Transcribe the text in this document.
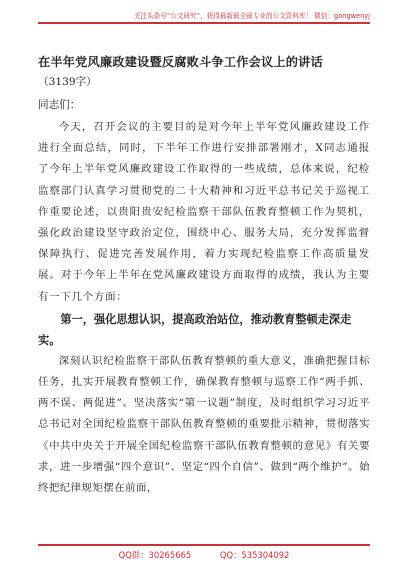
关注头条号“公文研究”，获得最新最全最专业的公文资料库！ 微信：gongwenyj
在半年党风廉政建设暨反腐败斗争工作会议上的讲话

（3139字）

同志们：

今天，召开会议的主要目的是对今年上半年党风廉政建设工作进行全面总结，同时，下半年工作进行安排部署刚才，X同志通报了今年上半年党风廉政建设工作取得的一些成绩，总体来说，纪检监察部门认真学习贯彻党的二十大精神和习近平总书记关于巡视工作重要论述，以贵阳贵安纪检监察干部队伍教育整顿工作为契机，强化政治建设坚守政治定位，围绕中心、服务大局，充分发挥监督保障执行、促进完善发展作用，着力实现纪检监察工作高质量发展。对于今年上半年在党风廉政建设方面取得的成绩，我认为主要有一下几个方面：

第一，强化思想认识，提高政治站位，推动教育整顿走深走实。

深刻认识纪检监察干部队伍教育整顿的重大意义，准确把握目标任务，扎实开展教育整顿工作，确保教育整顿与巡察工作“两手抓、两不误、两促进”。坚决落实“第一议题”制度，及时组织学习习近平总书记对全国纪检监察干部队伍教育整顿的重要批示精神，贯彻落实《中共中央关于开展全国纪检监察干部队伍教育整顿的意见》有关要求，进一步增强“四个意识”、坚定“四个自信”、做到“两个维护”。始终把纪律规矩摆在前面，

QQ群：30265665	QQ：535304092
